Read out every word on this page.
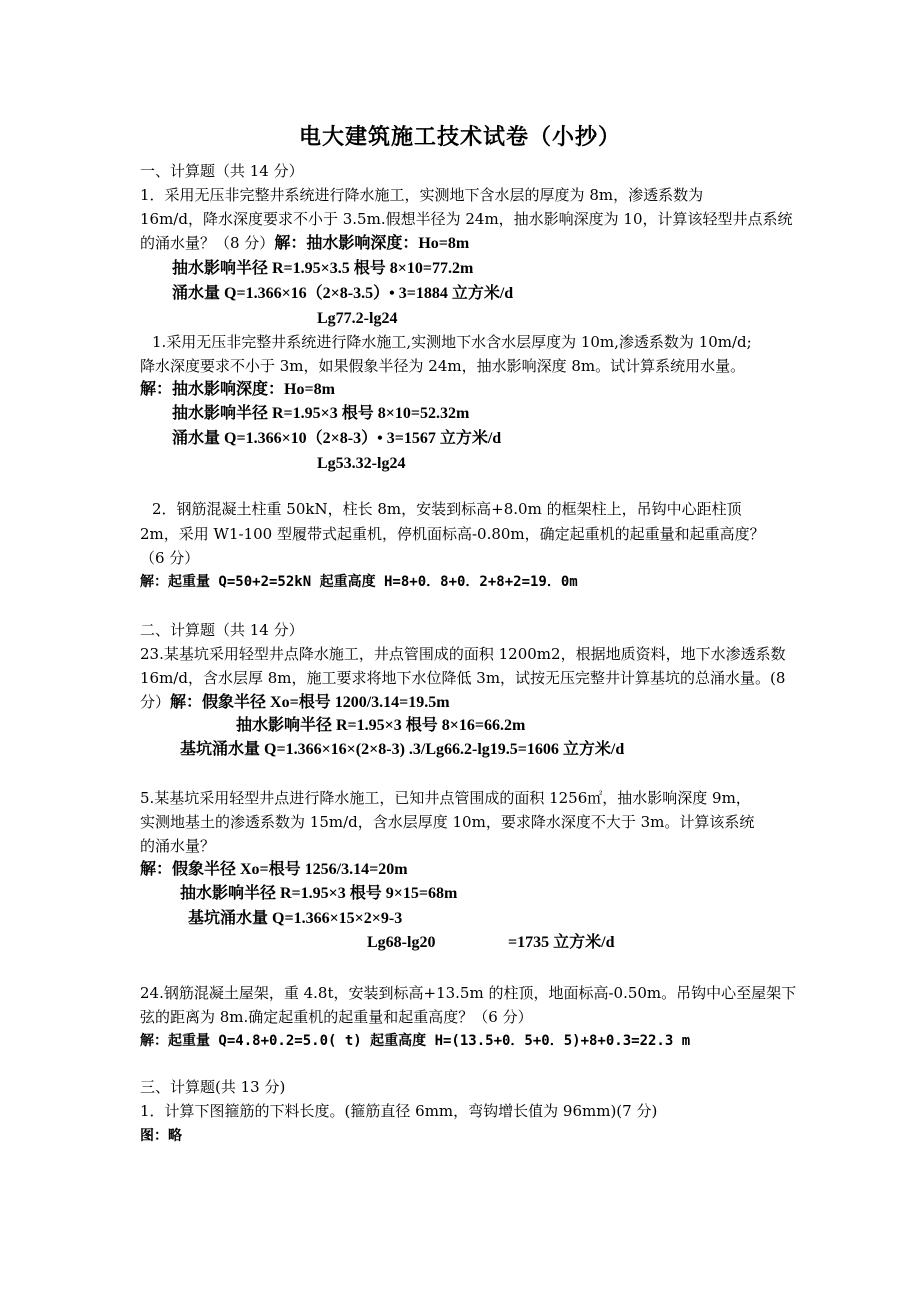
电大建筑施工技术试卷（小抄）
一、计算题（共 14 分）
1．采用无压非完整井系统进行降水施工，实测地下含水层的厚度为 8m，渗透系数为
16m/d，降水深度要求不小于 3.5m.假想半径为 24m，抽水影响深度为 10，计算该轻型井点系统
的涌水量？（8 分）解：抽水影响深度：Ho=8m
抽水影响半径 R=1.95×3.5 根号 8×10=77.2m
涌水量 Q=1.366×16（2×8-3.5）• 3=1884 立方米/d
Lg77.2-lg24
1.采用无压非完整井系统进行降水施工,实测地下水含水层厚度为 10m,渗透系数为 10m/d;
降水深度要求不小于 3m，如果假象半径为 24m，抽水影响深度 8m。试计算系统用水量。
解：抽水影响深度：Ho=8m
抽水影响半径 R=1.95×3 根号 8×10=52.32m
涌水量 Q=1.366×10（2×8-3）• 3=1567 立方米/d
Lg53.32-lg24
2．钢筋混凝土柱重 50kN，柱长 8m，安装到标高+8.0m 的框架柱上，吊钩中心距柱顶
2m，采用 W1-100 型履带式起重机，停机面标高-0.80m，确定起重机的起重量和起重高度？
（6 分）
解：起重量 Q=50+2=52kN 起重高度 H=8+0．8+0．2+8+2=19．0m
二、计算题（共 14 分）
23.某基坑采用轻型井点降水施工，井点管围成的面积 1200m2，根据地质资料，地下水渗透系数
16m/d，含水层厚 8m，施工要求将地下水位降低 3m，试按无压完整井计算基坑的总涌水量。(8
分）解：假象半径 Xo=根号 1200/3.14=19.5m
抽水影响半径 R=1.95×3 根号 8×16=66.2m
基坑涌水量 Q=1.366×16×(2×8-3) .3/Lg66.2-lg19.5=1606 立方米/d
5.某基坑采用轻型井点进行降水施工，已知井点管围成的面积 1256㎡，抽水影响深度 9m，
实测地基土的渗透系数为 15m/d，含水层厚度 10m，要求降水深度不大于 3m。计算该系统
的涌水量？
解：假象半径 Xo=根号 1256/3.14=20m
抽水影响半径 R=1.95×3 根号 9×15=68m
基坑涌水量 Q=1.366×15×2×9-3
Lg68-lg20	=1735 立方米/d
24.钢筋混凝土屋架，重 4.8t，安装到标高+13.5m 的柱顶，地面标高-0.50m。吊钩中心至屋架下
弦的距离为 8m.确定起重机的起重量和起重高度？（6 分）
解：起重量 Q=4.8+0.2=5.0( t) 起重高度 H=(13.5+0．5+0．5)+8+0.3=22.3 m
三、计算题(共 13 分)
1．计算下图箍筋的下料长度。(箍筋直径 6mm，弯钩增长值为 96mm)(7 分)
图：略
